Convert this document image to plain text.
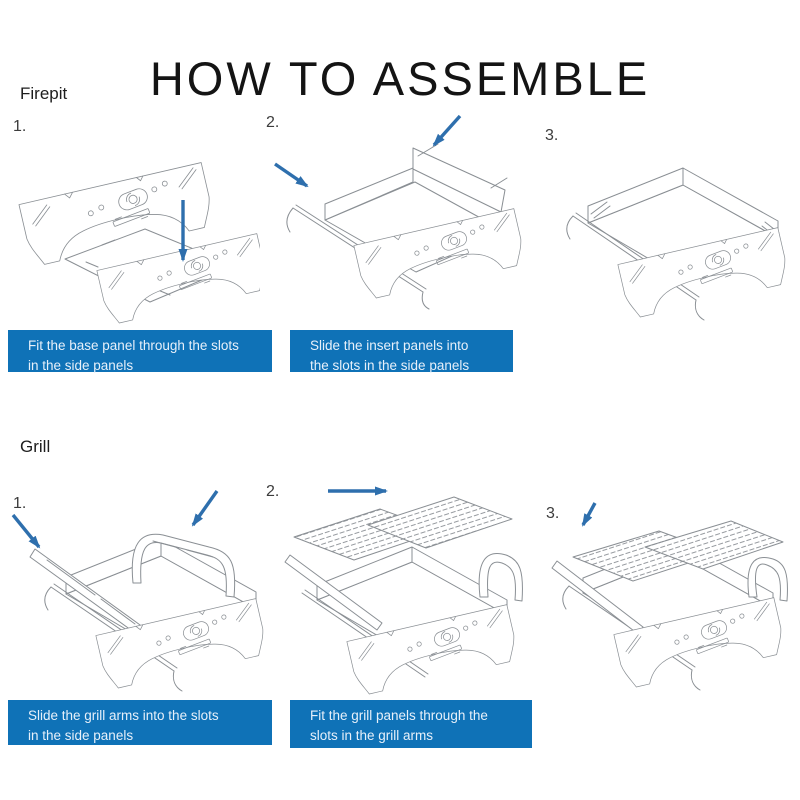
HOW TO ASSEMBLE
Firepit
1.	2.
3.
Fit the base panel through the slots
in the side panels
Slide the insert panels into
the slots in the side panels
Grill
1.
2.
3.
Slide the grill arms into the slots
in the side panels
Fit the grill panels through the
slots in the grill arms
